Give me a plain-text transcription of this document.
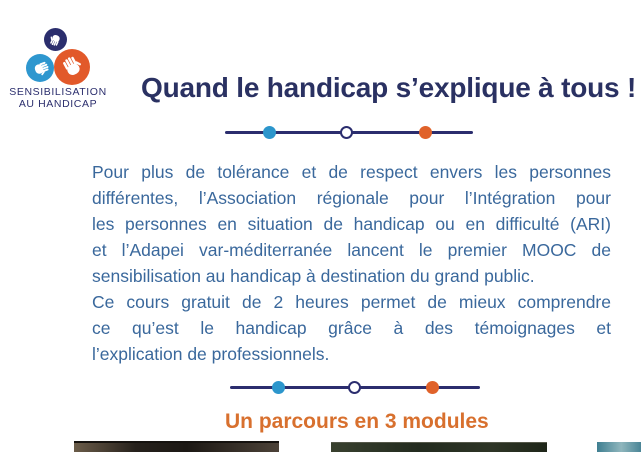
SENSIBILISATION
AU HANDICAP
Quand le handicap s’explique à tous !
Pour plus de tolérance et de respect envers les personnes
différentes, l’Association régionale pour l’Intégration pour
les personnes en situation de handicap ou en difficulté (ARI)
et l’Adapei var-méditerranée lancent le premier MOOC de
sensibilisation au handicap à destination du grand public.
Ce cours gratuit de 2 heures permet de mieux comprendre
ce qu’est le handicap grâce à des témoignages et
l’explication de professionnels.
Un parcours en 3 modules
